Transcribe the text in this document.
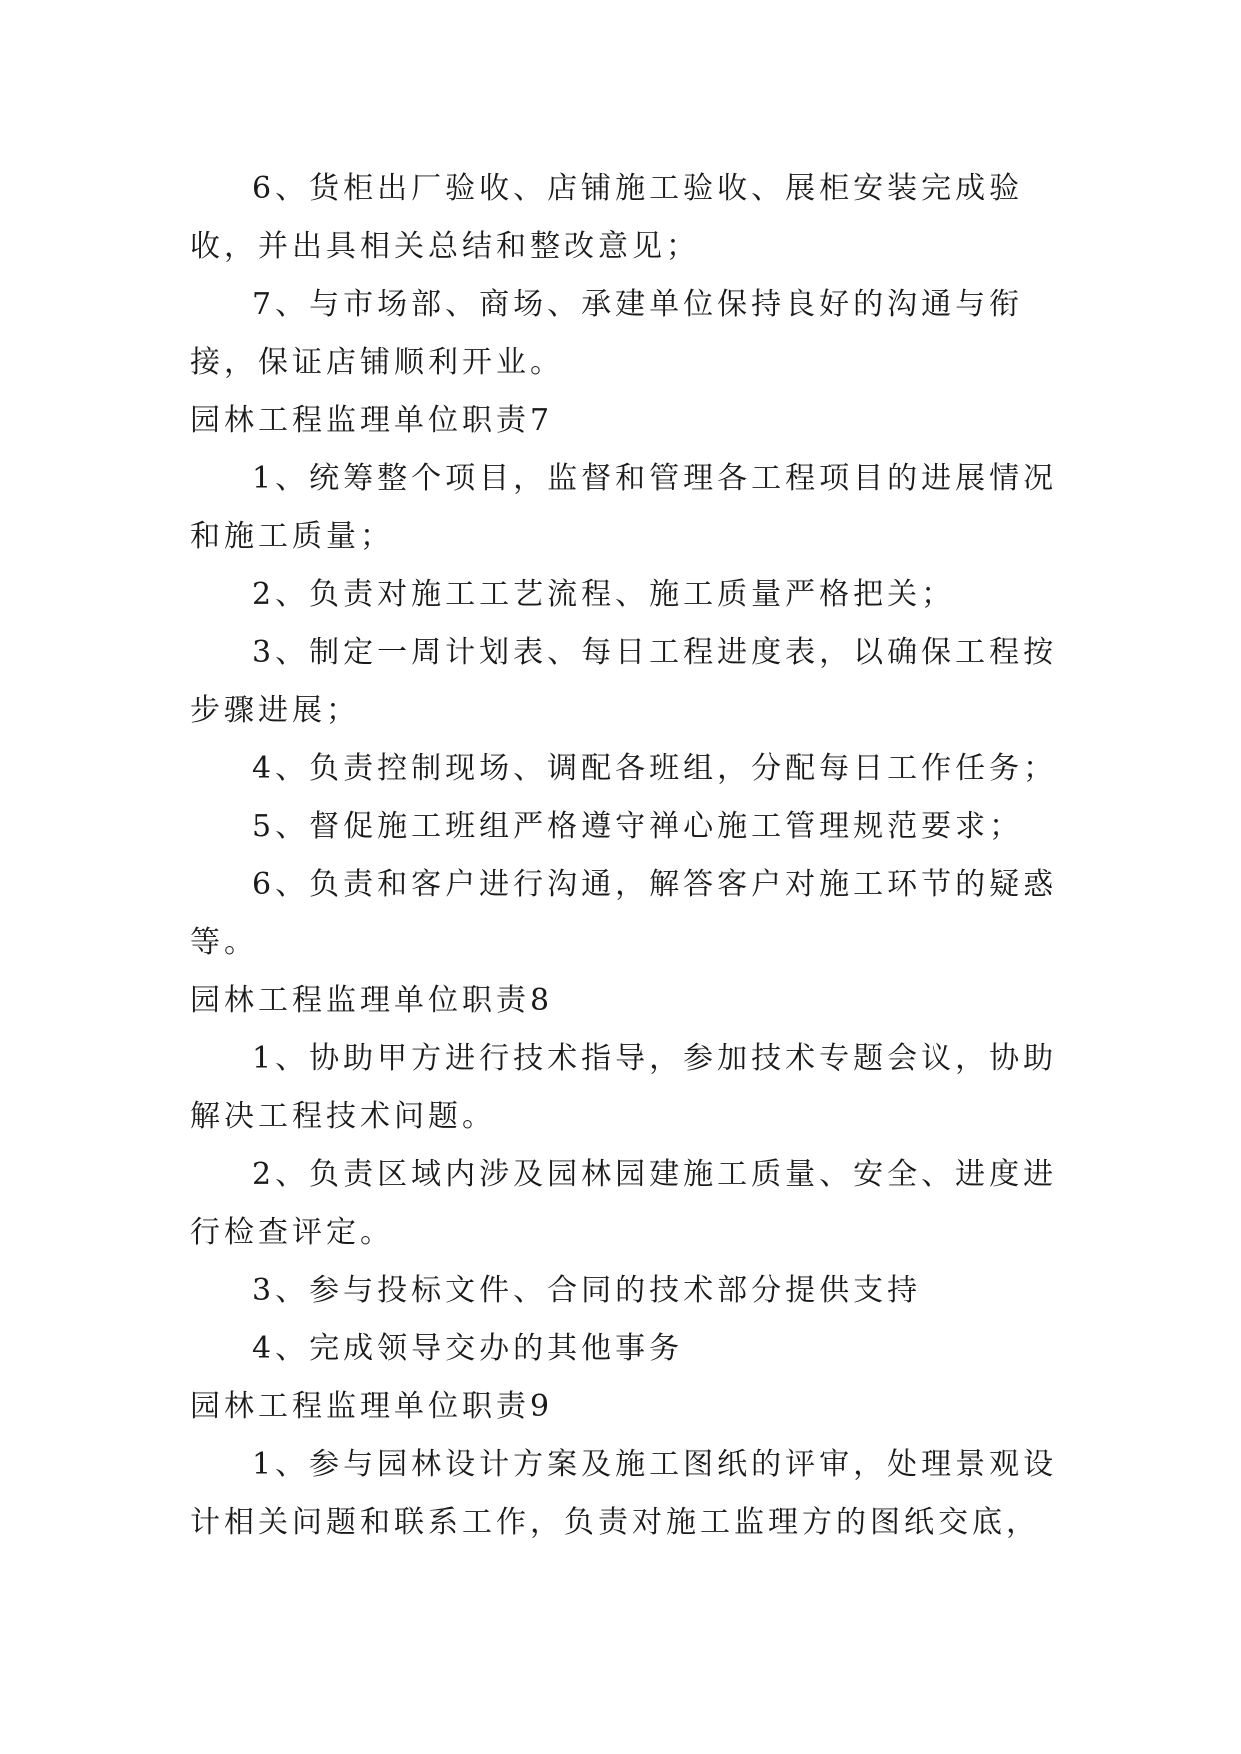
6、货柜出厂验收、店铺施工验收、展柜安装完成验收，并出具相关总结和整改意见；

7、与市场部、商场、承建单位保持良好的沟通与衔接，保证店铺顺利开业。

园林工程监理单位职责7

1、统筹整个项目，监督和管理各工程项目的进展情况和施工质量；

2、负责对施工工艺流程、施工质量严格把关；

3、制定一周计划表、每日工程进度表，以确保工程按步骤进展；

4、负责控制现场、调配各班组，分配每日工作任务；

5、督促施工班组严格遵守禅心施工管理规范要求；

6、负责和客户进行沟通，解答客户对施工环节的疑惑等。

园林工程监理单位职责8

1、协助甲方进行技术指导，参加技术专题会议，协助解决工程技术问题。

2、负责区域内涉及园林园建施工质量、安全、进度进行检查评定。

3、参与投标文件、合同的技术部分提供支持

4、完成领导交办的其他事务

园林工程监理单位职责9

1、参与园林设计方案及施工图纸的评审，处理景观设计相关问题和联系工作，负责对施工监理方的图纸交底，
